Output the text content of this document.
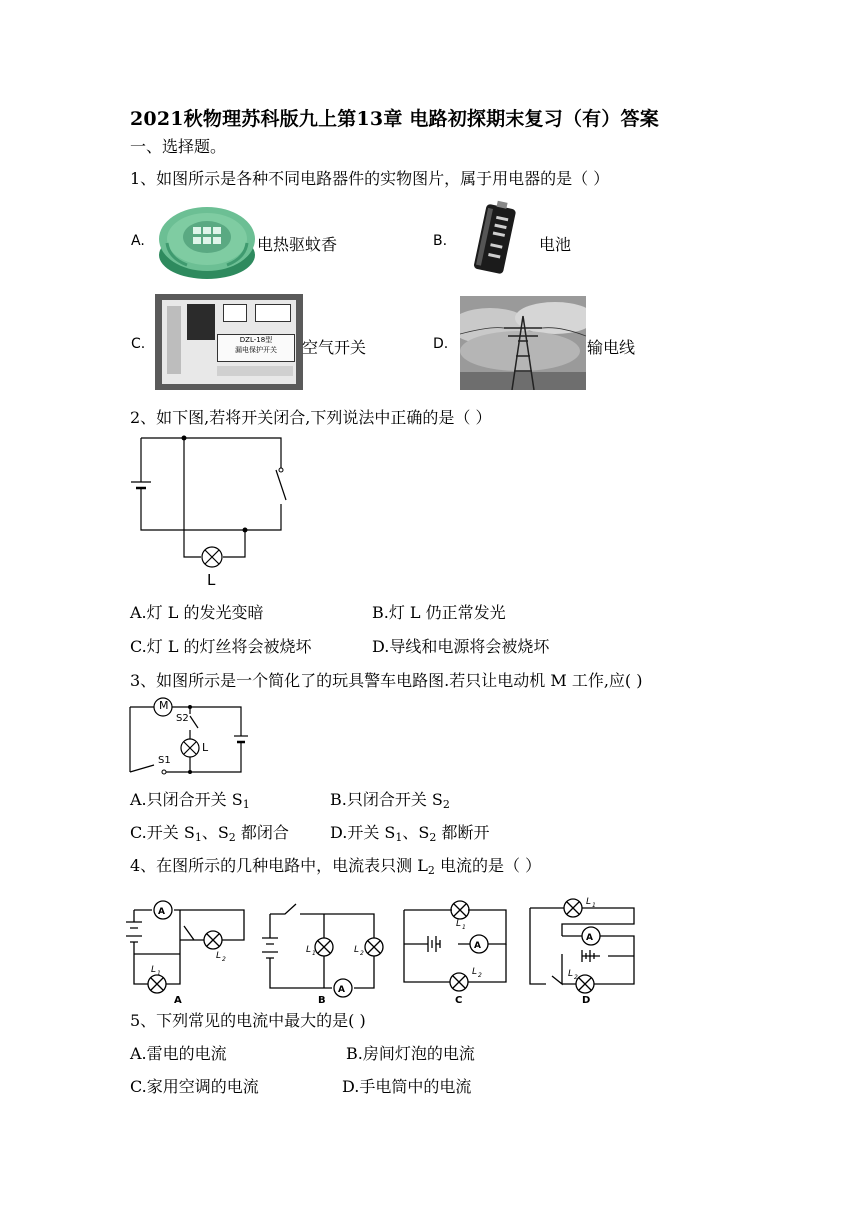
2021秋物理苏科版九上第13章 电路初探期末复习（有）答案
一、选择题。
1、如图所示是各种不同电路器件的实物图片，属于用电器的是（ ）
A.	电热驱蚊香	B.	电池
C.	DZL-18型
漏电保护开关	空气开关	D.	输电线
2、如下图,若将开关闭合,下列说法中正确的是（ ）
L
A.灯 L 的发光变暗	B.灯 L 仍正常发光
C.灯 L 的灯丝将会被烧坏	D.导线和电源将会被烧坏
3、如图所示是一个简化了的玩具警车电路图.若只让电动机 M 工作,应( )
M
L
S2
S1
A.只闭合开关 $S_1$	B.只闭合开关 $S_2$
C.开关 $S_1$、$S_2$ 都闭合	D.开关 $S_1$、$S_2$ 都断开
4、在图所示的几种电路中，电流表只测 $L_2$ 电流的是（ ）
A
A
A
A
L 1
L 2
L 1	L 2
L 1
L 2
L 1
L 2
A	B	C	D
5、下列常见的电流中最大的是( )
A.雷电的电流	B.房间灯泡的电流
C.家用空调的电流	D.手电筒中的电流
